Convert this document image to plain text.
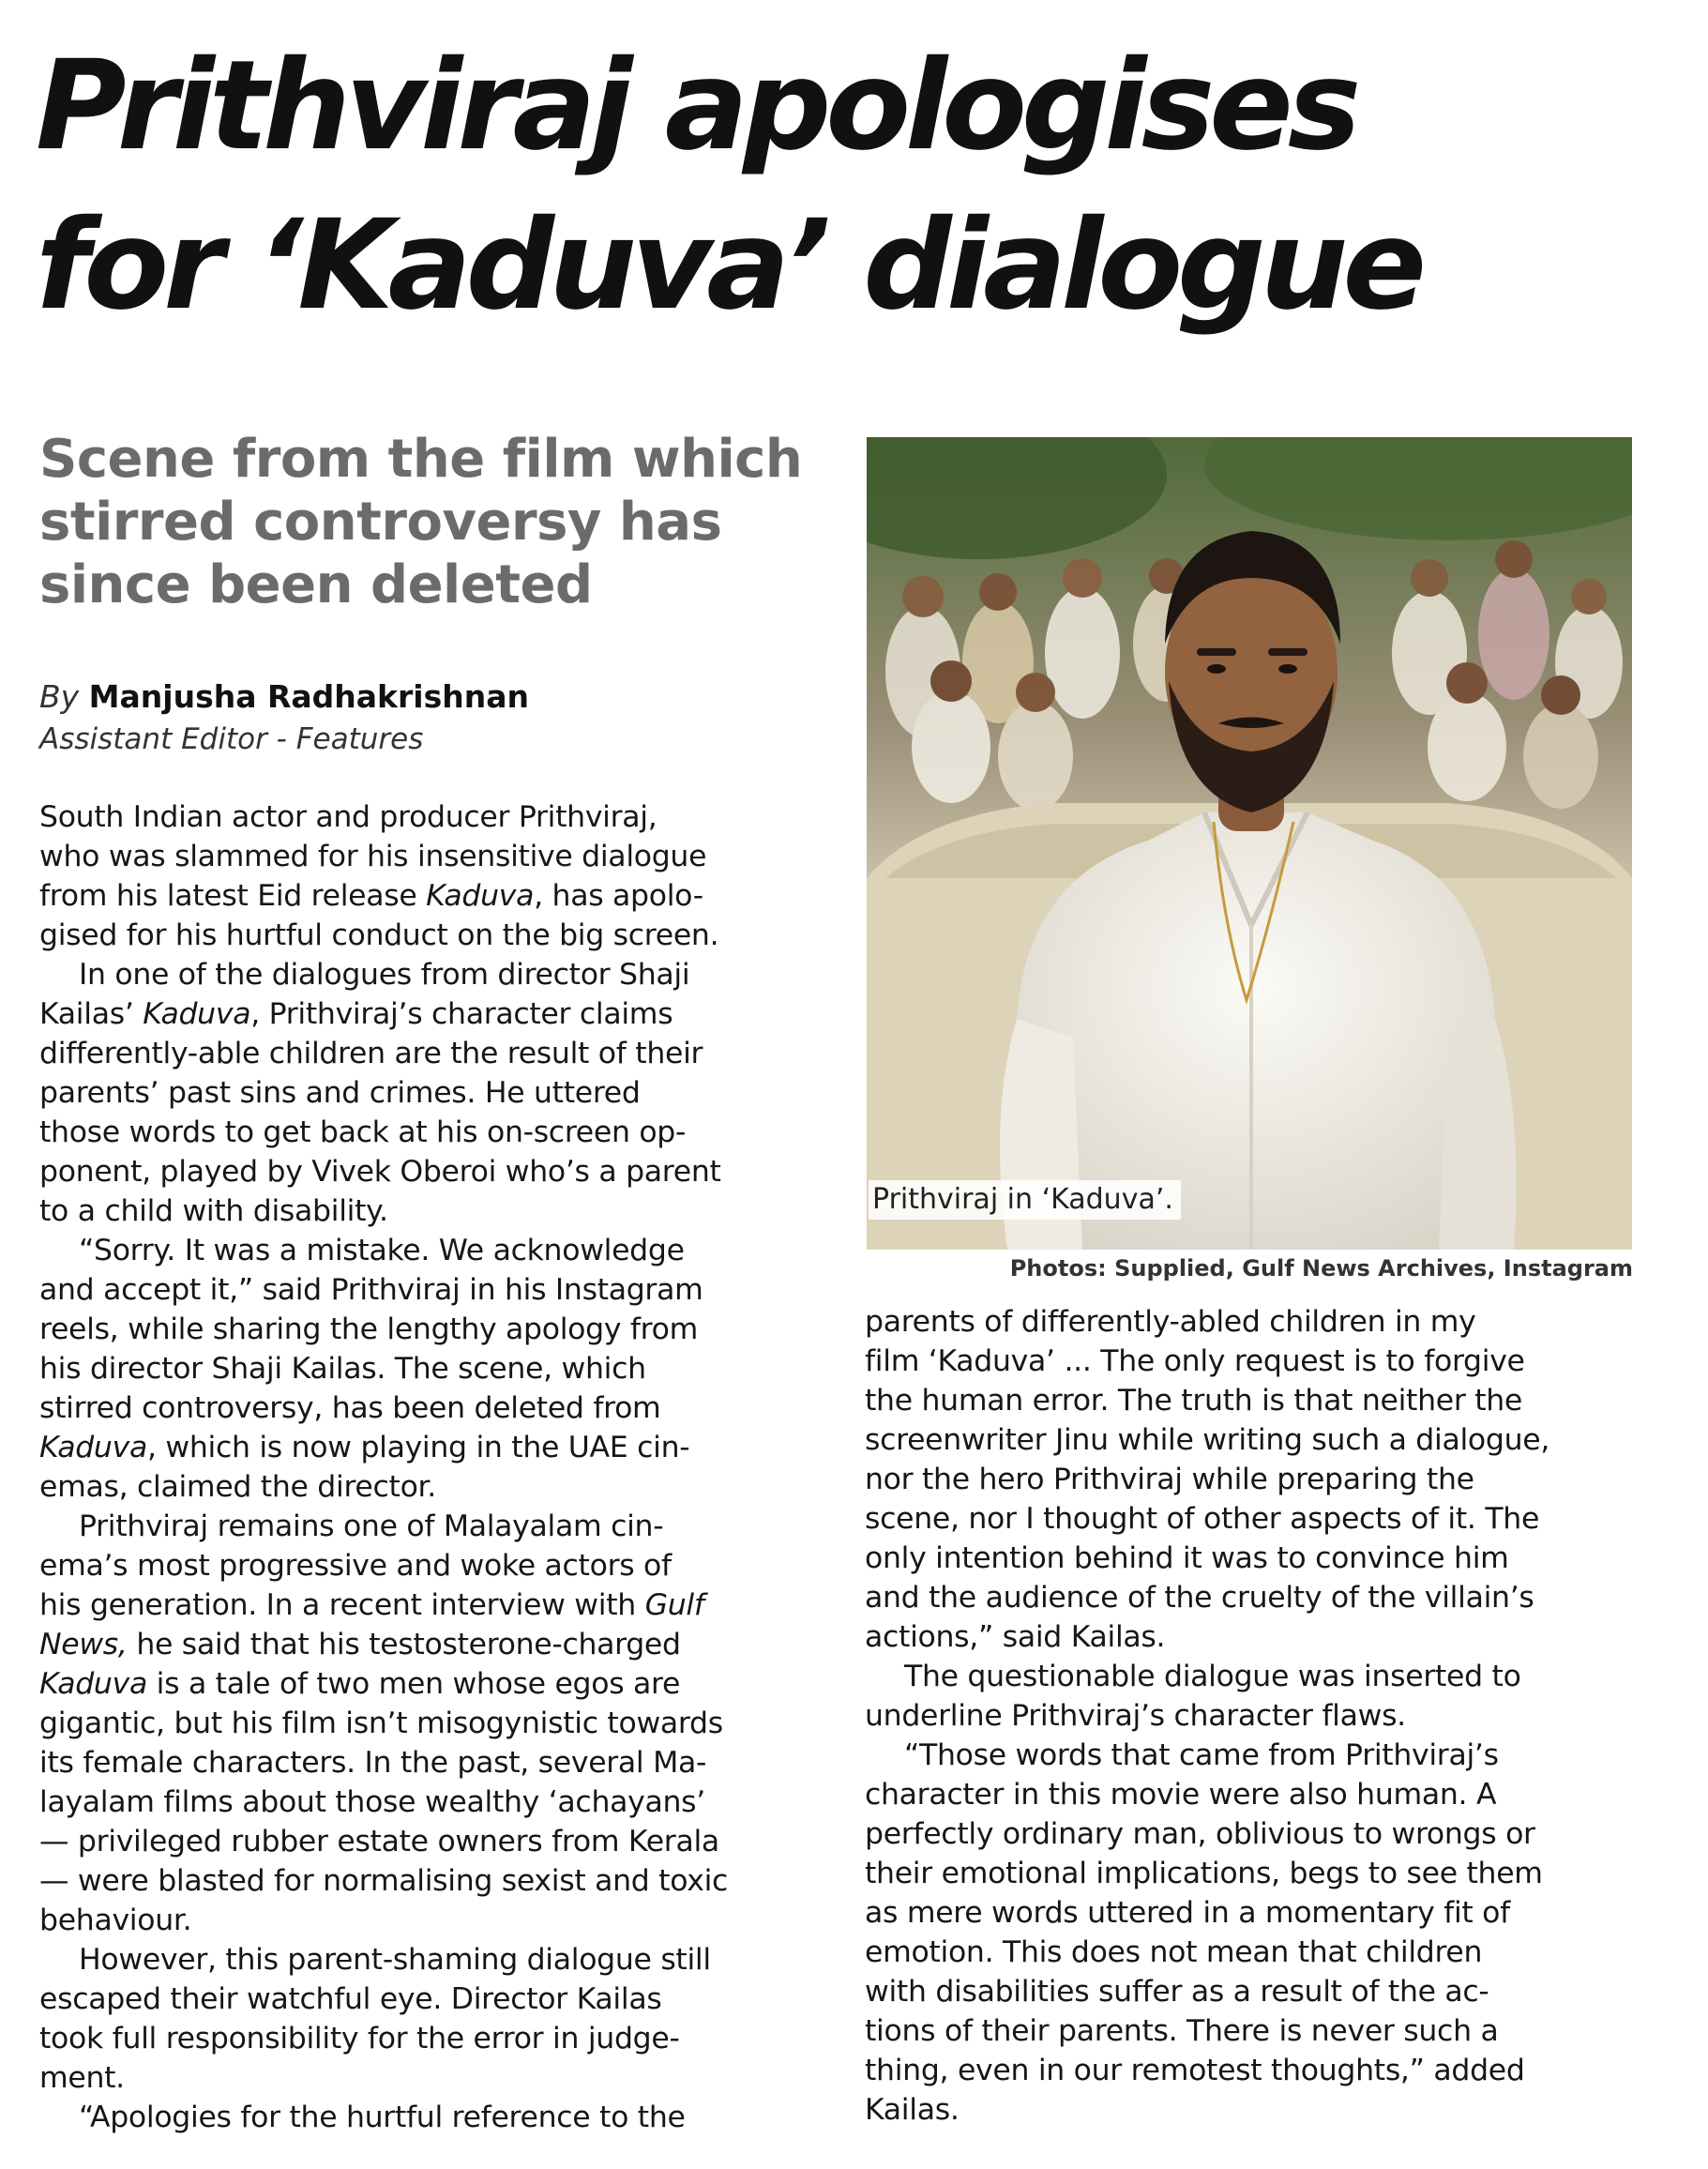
Prithviraj apologises
for ‘Kaduva’ dialogue
Scene from the film which
stirred controversy has
since been deleted
By Manjusha Radhakrishnan
Assistant Editor - Features
South Indian actor and producer Prithviraj,
who was slammed for his insensitive dialogue
from his latest Eid release Kaduva, has apolo-
gised for his hurtful conduct on the big screen.
In one of the dialogues from director Shaji
Kailas’ Kaduva, Prithviraj’s character claims
differently-able children are the result of their
parents’ past sins and crimes. He uttered
those words to get back at his on-screen op-
ponent, played by Vivek Oberoi who’s a parent
to a child with disability.
“Sorry. It was a mistake. We acknowledge
and accept it,” said Prithviraj in his Instagram
reels, while sharing the lengthy apology from
his director Shaji Kailas. The scene, which
stirred controversy, has been deleted from
Kaduva, which is now playing in the UAE cin-
emas, claimed the director.
Prithviraj remains one of Malayalam cin-
ema’s most progressive and woke actors of
his generation. In a recent interview with Gulf
News, he said that his testosterone-charged
Kaduva is a tale of two men whose egos are
gigantic, but his film isn’t misogynistic towards
its female characters. In the past, several Ma-
layalam films about those wealthy ‘achayans’
— privileged rubber estate owners from Kerala
— were blasted for normalising sexist and toxic
behaviour.
However, this parent-shaming dialogue still
escaped their watchful eye. Director Kailas
took full responsibility for the error in judge-
ment.
“Apologies for the hurtful reference to the
parents of differently-abled children in my
film ‘Kaduva’ ... The only request is to forgive
the human error. The truth is that neither the
screenwriter Jinu while writing such a dialogue,
nor the hero Prithviraj while preparing the
scene, nor I thought of other aspects of it. The
only intention behind it was to convince him
and the audience of the cruelty of the villain’s
actions,” said Kailas.
The questionable dialogue was inserted to
underline Prithviraj’s character flaws.
“Those words that came from Prithviraj’s
character in this movie were also human. A
perfectly ordinary man, oblivious to wrongs or
their emotional implications, begs to see them
as mere words uttered in a momentary fit of
emotion. This does not mean that children
with disabilities suffer as a result of the ac-
tions of their parents. There is never such a
thing, even in our remotest thoughts,” added
Kailas.
Prithviraj in ‘Kaduva’.
Photos: Supplied, Gulf News Archives, Instagram
